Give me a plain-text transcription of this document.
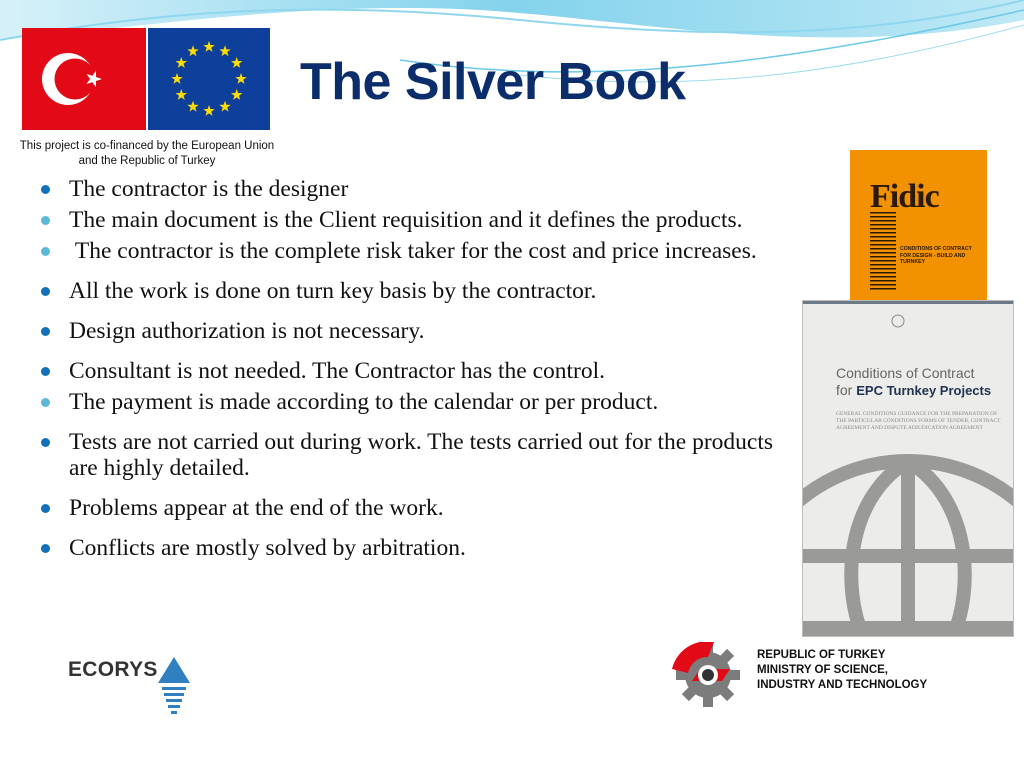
This project is co-financed by the European Union and the Republic of Turkey
The Silver Book
The contractor is the designer
The main document is the Client requisition and it defines the products.
The contractor is the complete risk taker for the cost and price increases.
All the work is done on turn key basis by the contractor.
Design authorization is not necessary.
Consultant is not needed. The Contractor has the control.
The payment is made according to the calendar or per product.
Tests are not carried out during work. The tests carried out for the products are highly detailed.
Problems appear at the end of the work.
Conflicts are mostly solved by arbitration.
Fidic
CONDITIONS OF CONTRACT FOR DESIGN - BUILD AND TURNKEY
Conditions of Contract
for EPC Turnkey Projects
GENERAL CONDITIONS GUIDANCE FOR THE PREPARATION OF THE PARTICULAR CONDITIONS FORMS OF TENDER, CONTRACT AGREEMENT AND DISPUTE ADJUDICATION AGREEMENT
ECORYS
REPUBLIC OF TURKEY
MINISTRY OF SCIENCE,
INDUSTRY AND TECHNOLOGY
